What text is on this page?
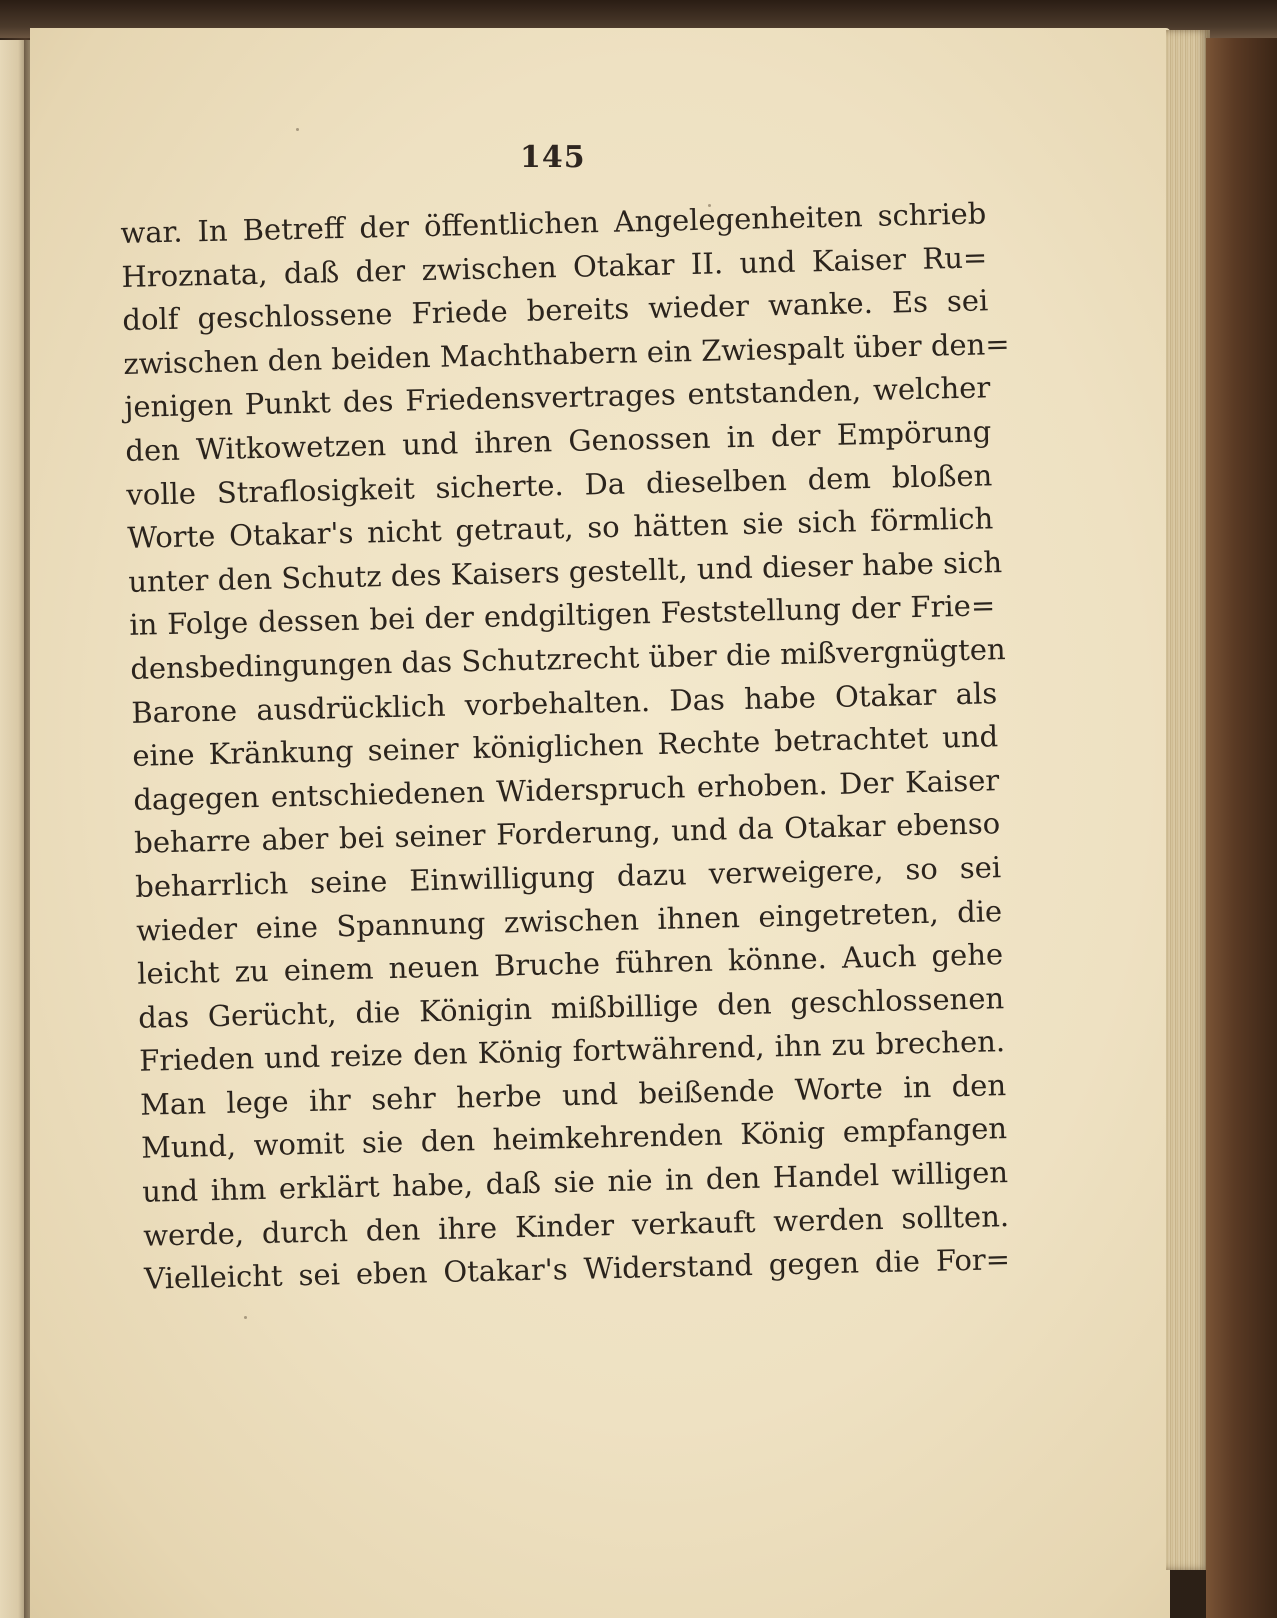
145
war. In Betreff der öffentlichen Angelegenheiten schrieb
Hroznata, daß der zwischen Otakar II. und Kaiser Ru=
dolf geschlossene Friede bereits wieder wanke. Es sei
zwischen den beiden Machthabern ein Zwiespalt über den=
jenigen Punkt des Friedensvertrages entstanden, welcher
den Witkowetzen und ihren Genossen in der Empörung
volle Straflosigkeit sicherte. Da dieselben dem bloßen
Worte Otakar's nicht getraut, so hätten sie sich förmlich
unter den Schutz des Kaisers gestellt, und dieser habe sich
in Folge dessen bei der endgiltigen Feststellung der Frie=
densbedingungen das Schutzrecht über die mißvergnügten
Barone ausdrücklich vorbehalten. Das habe Otakar als
eine Kränkung seiner königlichen Rechte betrachtet und
dagegen entschiedenen Widerspruch erhoben. Der Kaiser
beharre aber bei seiner Forderung, und da Otakar ebenso
beharrlich seine Einwilligung dazu verweigere, so sei
wieder eine Spannung zwischen ihnen eingetreten, die
leicht zu einem neuen Bruche führen könne. Auch gehe
das Gerücht, die Königin mißbillige den geschlossenen
Frieden und reize den König fortwährend, ihn zu brechen.
Man lege ihr sehr herbe und beißende Worte in den
Mund, womit sie den heimkehrenden König empfangen
und ihm erklärt habe, daß sie nie in den Handel willigen
werde, durch den ihre Kinder verkauft werden sollten.
Vielleicht sei eben Otakar's Widerstand gegen die For=
